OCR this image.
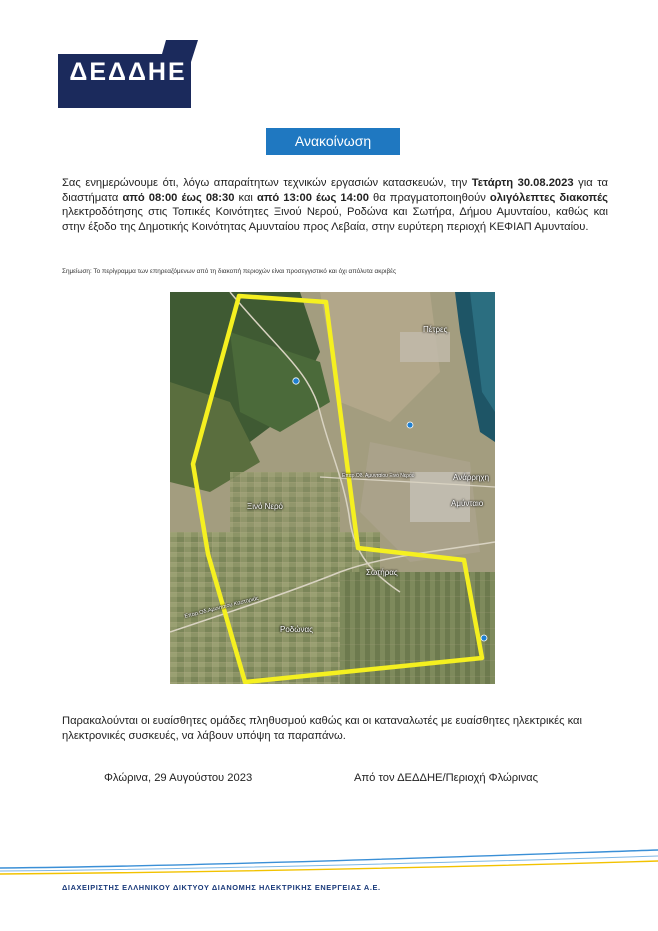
ΔΕΔΔΗΕ
Ανακοίνωση
Σας ενημερώνουμε ότι, λόγω απαραίτητων τεχνικών εργασιών κατασκευών, την Τετάρτη 30.08.2023 για τα διαστήματα από 08:00 έως 08:30 και από 13:00 έως 14:00 θα πραγματοποιηθούν ολιγόλεπτες διακοπές ηλεκτροδότησης στις Τοπικές Κοινότητες Ξινού Νερού, Ροδώνα και Σωτήρα, Δήμου Αμυνταίου, καθώς και στην έξοδο της Δημοτικής Κοινότητας Αμυνταίου προς Λεβαία, στην ευρύτερη περιοχή ΚΕΦΙΑΠ Αμυνταίου.
Σημείωση: Το περίγραμμα των επηρεαζόμενων από τη διακοπή περιοχών είναι προσεγγιστικό και όχι απόλυτα ακριβές
Πέτρες
Επαρ.Οδ. Αμυνταίου Ξινό Νερού	Ανάρρηχη
Αμύνταιο
Ξινό Νερό
Σωτήρας
Επαρ.Οδ.Αμυνταίου Καστοριάς
Ροδώνας
Παρακαλούνται οι ευαίσθητες ομάδες πληθυσμού καθώς και οι καταναλωτές με ευαίσθητες ηλεκτρικές και ηλεκτρονικές συσκευές, να λάβουν υπόψη τα παραπάνω.
Φλώρινα, 29 Αυγούστου 2023	Από τον ΔΕΔΔΗΕ/Περιοχή Φλώρινας
ΔΙΑΧΕΙΡΙΣΤΗΣ ΕΛΛΗΝΙΚΟΥ ΔΙΚΤΥΟΥ ΔΙΑΝΟΜΗΣ ΗΛΕΚΤΡΙΚΗΣ ΕΝΕΡΓΕΙΑΣ Α.Ε.
